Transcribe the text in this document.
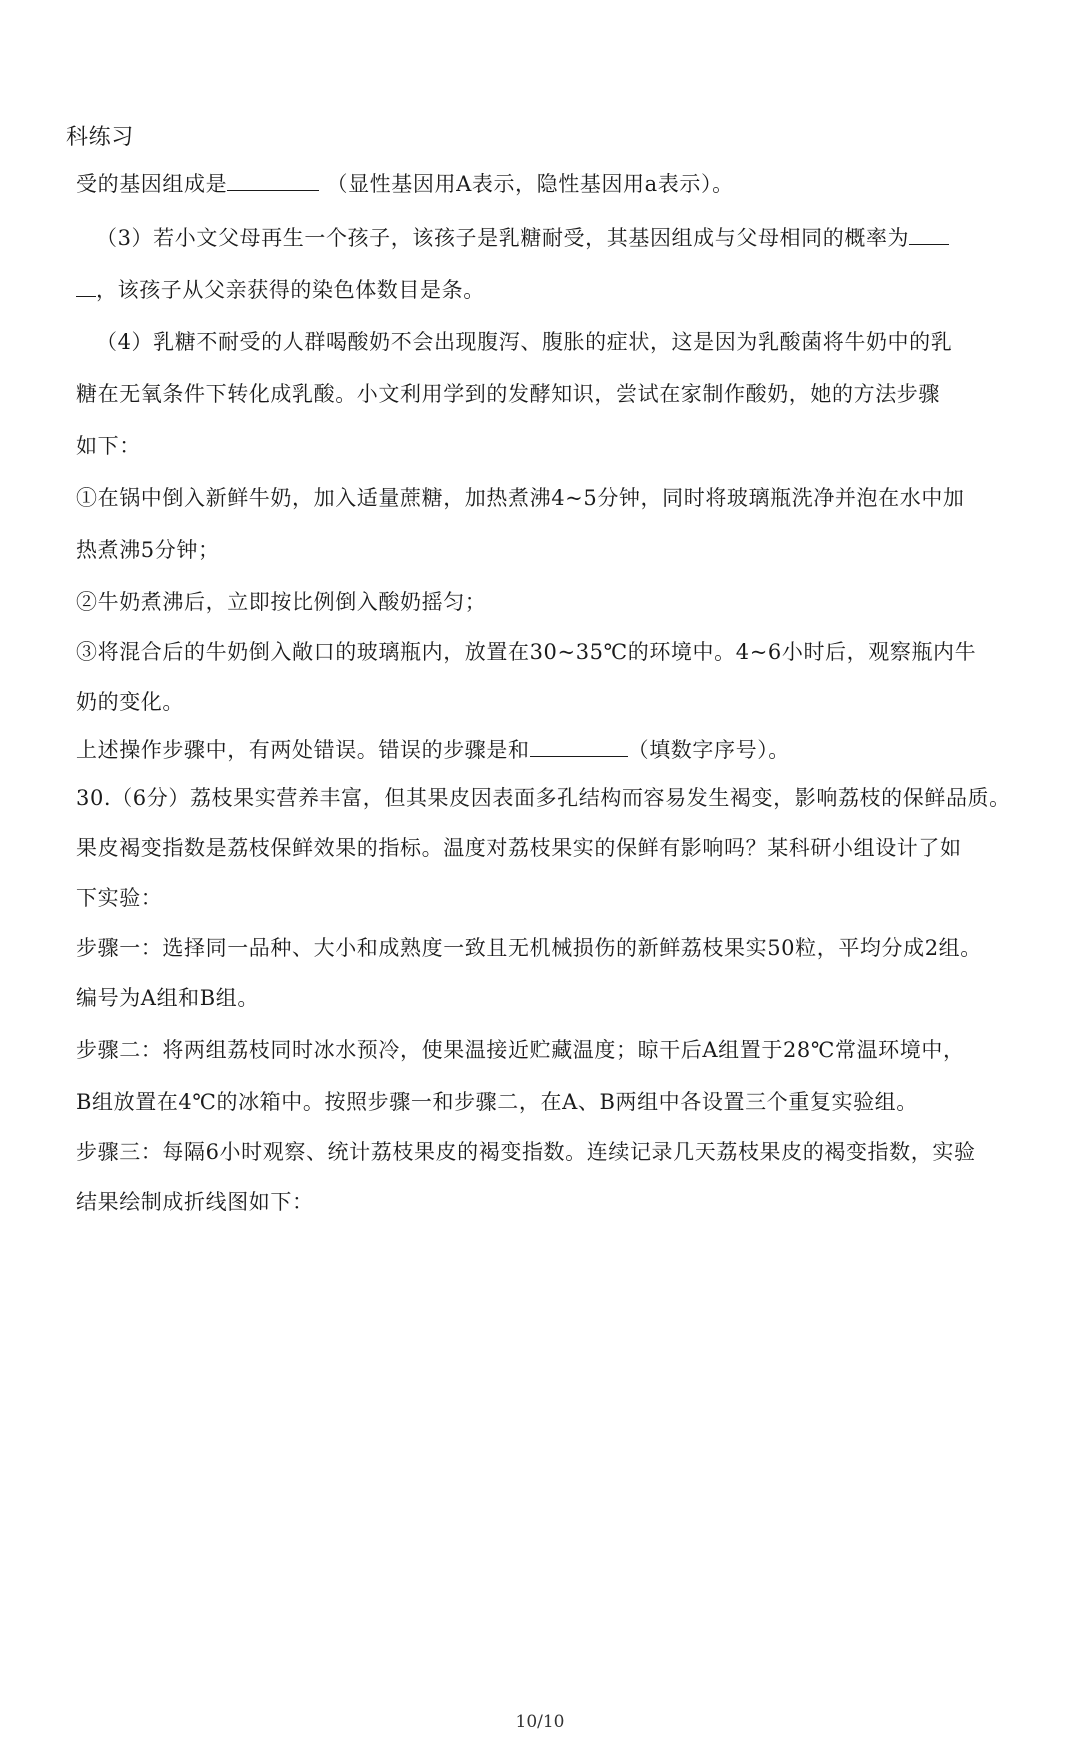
科练习
受的基因组成是	（显性基因用A表示，隐性基因用a表示）。
（3）若小文父母再生一个孩子，该孩子是乳糖耐受，其基因组成与父母相同的概率为
，该孩子从父亲获得的染色体数目是条。
（4）乳糖不耐受的人群喝酸奶不会出现腹泻、腹胀的症状，这是因为乳酸菌将牛奶中的乳
糖在无氧条件下转化成乳酸。小文利用学到的发酵知识，尝试在家制作酸奶，她的方法步骤
如下：
①在锅中倒入新鲜牛奶，加入适量蔗糖，加热煮沸4~5分钟，同时将玻璃瓶洗净并泡在水中加
热煮沸5分钟；
②牛奶煮沸后，立即按比例倒入酸奶摇匀；
③将混合后的牛奶倒入敞口的玻璃瓶内，放置在30~35℃的环境中。4~6小时后，观察瓶内牛
奶的变化。
上述操作步骤中，有两处错误。错误的步骤是和	（填数字序号）。
30.（6分）荔枝果实营养丰富，但其果皮因表面多孔结构而容易发生褐变，影响荔枝的保鲜品质。
果皮褐变指数是荔枝保鲜效果的指标。温度对荔枝果实的保鲜有影响吗？某科研小组设计了如
下实验：
步骤一：选择同一品种、大小和成熟度一致且无机械损伤的新鲜荔枝果实50粒，平均分成2组。
编号为A组和B组。
步骤二：将两组荔枝同时冰水预冷，使果温接近贮藏温度；晾干后A组置于28℃常温环境中，
B组放置在4℃的冰箱中。按照步骤一和步骤二，在A、B两组中各设置三个重复实验组。
步骤三：每隔6小时观察、统计荔枝果皮的褐变指数。连续记录几天荔枝果皮的褐变指数，实验
结果绘制成折线图如下：
10/10
